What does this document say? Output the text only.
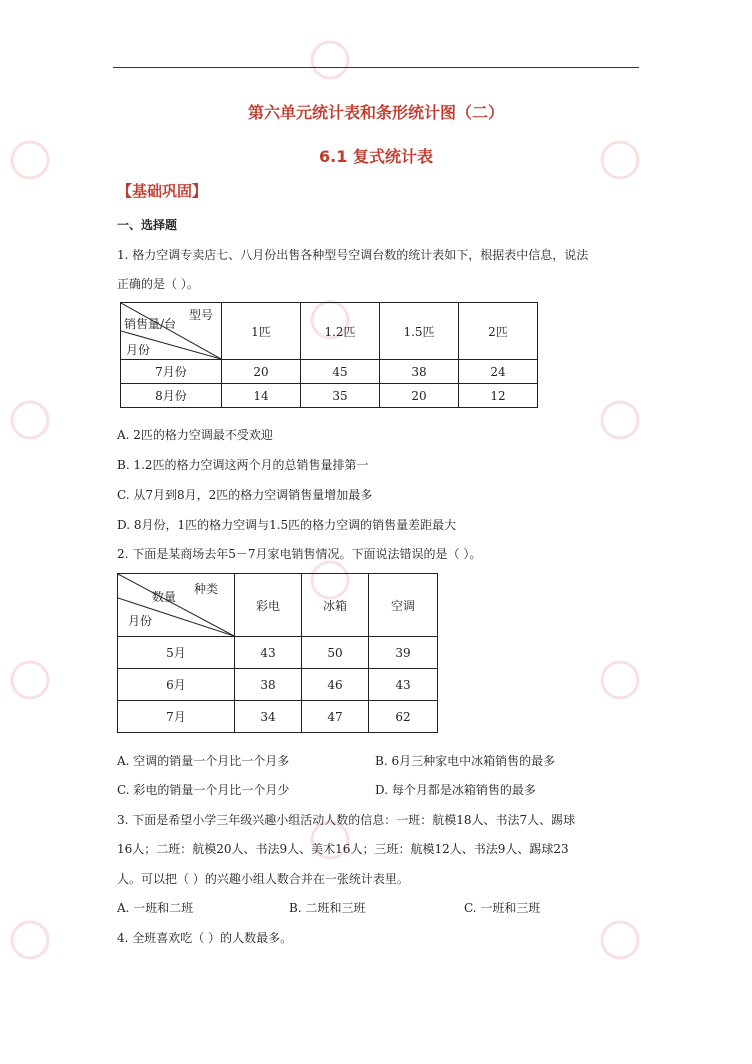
第六单元统计表和条形统计图（二）
6.1 复式统计表
【基础巩固】
一、选择题
1. 格力空调专卖店七、八月份出售各种型号空调台数的统计表如下，根据表中信息，说法
正确的是（ ）。
型号
销售量/台
月份	1匹	1.2匹	1.5匹	2匹
7月份	20	45	38	24
8月份	14	35	20	12
A. 2匹的格力空调最不受欢迎
B. 1.2匹的格力空调这两个月的总销售量排第一
C. 从7月到8月，2匹的格力空调销售量增加最多
D. 8月份，1匹的格力空调与1.5匹的格力空调的销售量差距最大
2. 下面是某商场去年5－7月家电销售情况。下面说法错误的是（ ）。
种类
数量
月份	彩电	冰箱	空调
5月	43	50	39
6月	38	46	43
7月	34	47	62
A. 空调的销量一个月比一个月多	B. 6月三种家电中冰箱销售的最多
C. 彩电的销量一个月比一个月少	D. 每个月都是冰箱销售的最多
3. 下面是希望小学三年级兴趣小组活动人数的信息：一班：航模18人、书法7人、踢球
16人；二班：航模20人、书法9人、美术16人；三班：航模12人、书法9人、踢球23
人。可以把（ ）的兴趣小组人数合并在一张统计表里。
A. 一班和二班	B. 二班和三班	C. 一班和三班
4. 全班喜欢吃（ ）的人数最多。
